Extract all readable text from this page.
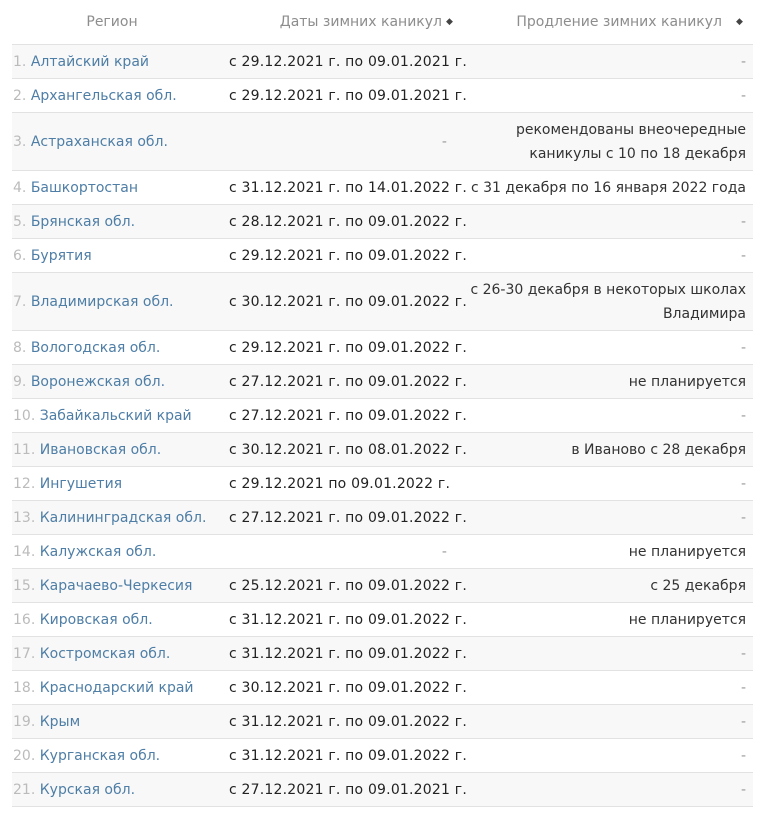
Регион	Даты зимних каникул ◆	Продление зимних каникул ◆
1. Алтайский край	с 29.12.2021 г. по 09.01.2021 г.	-
2. Архангельская обл.	с 29.12.2021 г. по 09.01.2021 г.	-
3. Астраханская обл.	-	рекомендованы внеочередные каникулы с 10 по 18 декабря
4. Башкортостан	с 31.12.2021 г. по 14.01.2022 г.	с 31 декабря по 16 января 2022 года
5. Брянская обл.	с 28.12.2021 г. по 09.01.2022 г.	-
6. Бурятия	с 29.12.2021 г. по 09.01.2022 г.	-
7. Владимирская обл.	с 30.12.2021 г. по 09.01.2022 г.	с 26-30 декабря в некоторых школах Владимира
8. Вологодская обл.	с 29.12.2021 г. по 09.01.2022 г.	-
9. Воронежская обл.	с 27.12.2021 г. по 09.01.2022 г.	не планируется
10. Забайкальский край	с 27.12.2021 г. по 09.01.2022 г.	-
11. Ивановская обл.	с 30.12.2021 г. по 08.01.2022 г.	в Иваново с 28 декабря
12. Ингушетия	с 29.12.2021 по 09.01.2022 г.	-
13. Калининградская обл.	с 27.12.2021 г. по 09.01.2022 г.	-
14. Калужская обл.	-	не планируется
15. Карачаево-Черкесия	с 25.12.2021 г. по 09.01.2022 г.	с 25 декабря
16. Кировская обл.	с 31.12.2021 г. по 09.01.2022 г.	не планируется
17. Костромская обл.	с 31.12.2021 г. по 09.01.2022 г.	-
18. Краснодарский край	с 30.12.2021 г. по 09.01.2022 г.	-
19. Крым	с 31.12.2021 г. по 09.01.2022 г.	-
20. Курганская обл.	с 31.12.2021 г. по 09.01.2022 г.	-
21. Курская обл.	с 27.12.2021 г. по 09.01.2021 г.	-
